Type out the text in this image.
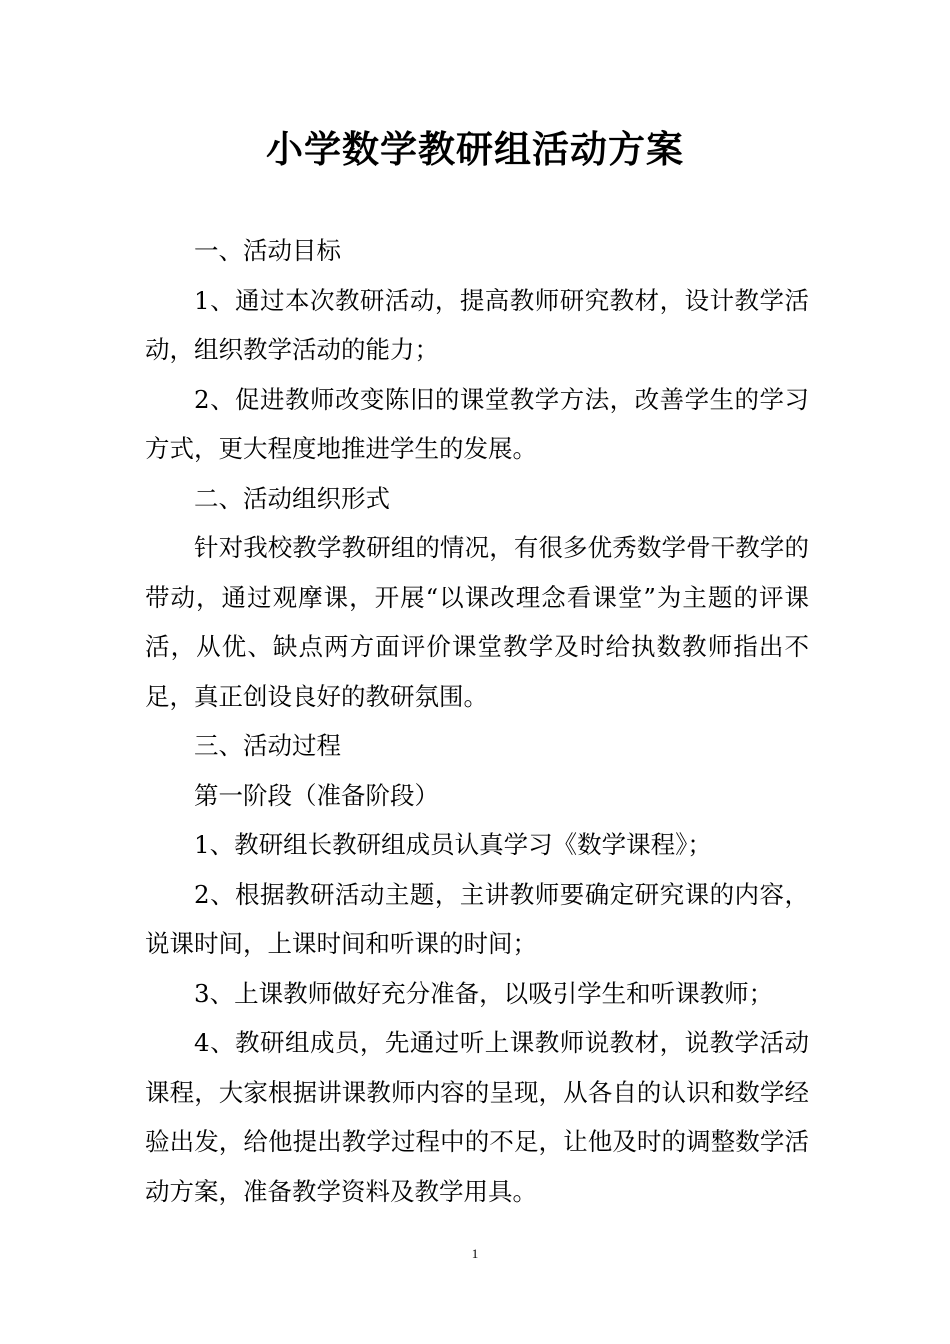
小学数学教研组活动方案

一、活动目标

1、通过本次教研活动，提高教师研究教材，设计教学活动，组织教学活动的能力；

2、促进教师改变陈旧的课堂教学方法，改善学生的学习方式，更大程度地推进学生的发展。

二、活动组织形式

针对我校教学教研组的情况，有很多优秀数学骨干教学的带动，通过观摩课，开展“以课改理念看课堂”为主题的评课活，从优、缺点两方面评价课堂教学及时给执数教师指出不足，真正创设良好的教研氛围。

三、活动过程

第一阶段（准备阶段）

1、教研组长教研组成员认真学习《数学课程》；

2、根据教研活动主题，主讲教师要确定研究课的内容，说课时间，上课时间和听课的时间；

3、上课教师做好充分准备，以吸引学生和听课教师；

4、教研组成员，先通过听上课教师说教材，说教学活动课程，大家根据讲课教师内容的呈现，从各自的认识和数学经验出发，给他提出教学过程中的不足，让他及时的调整数学活动方案，准备教学资料及教学用具。

1
